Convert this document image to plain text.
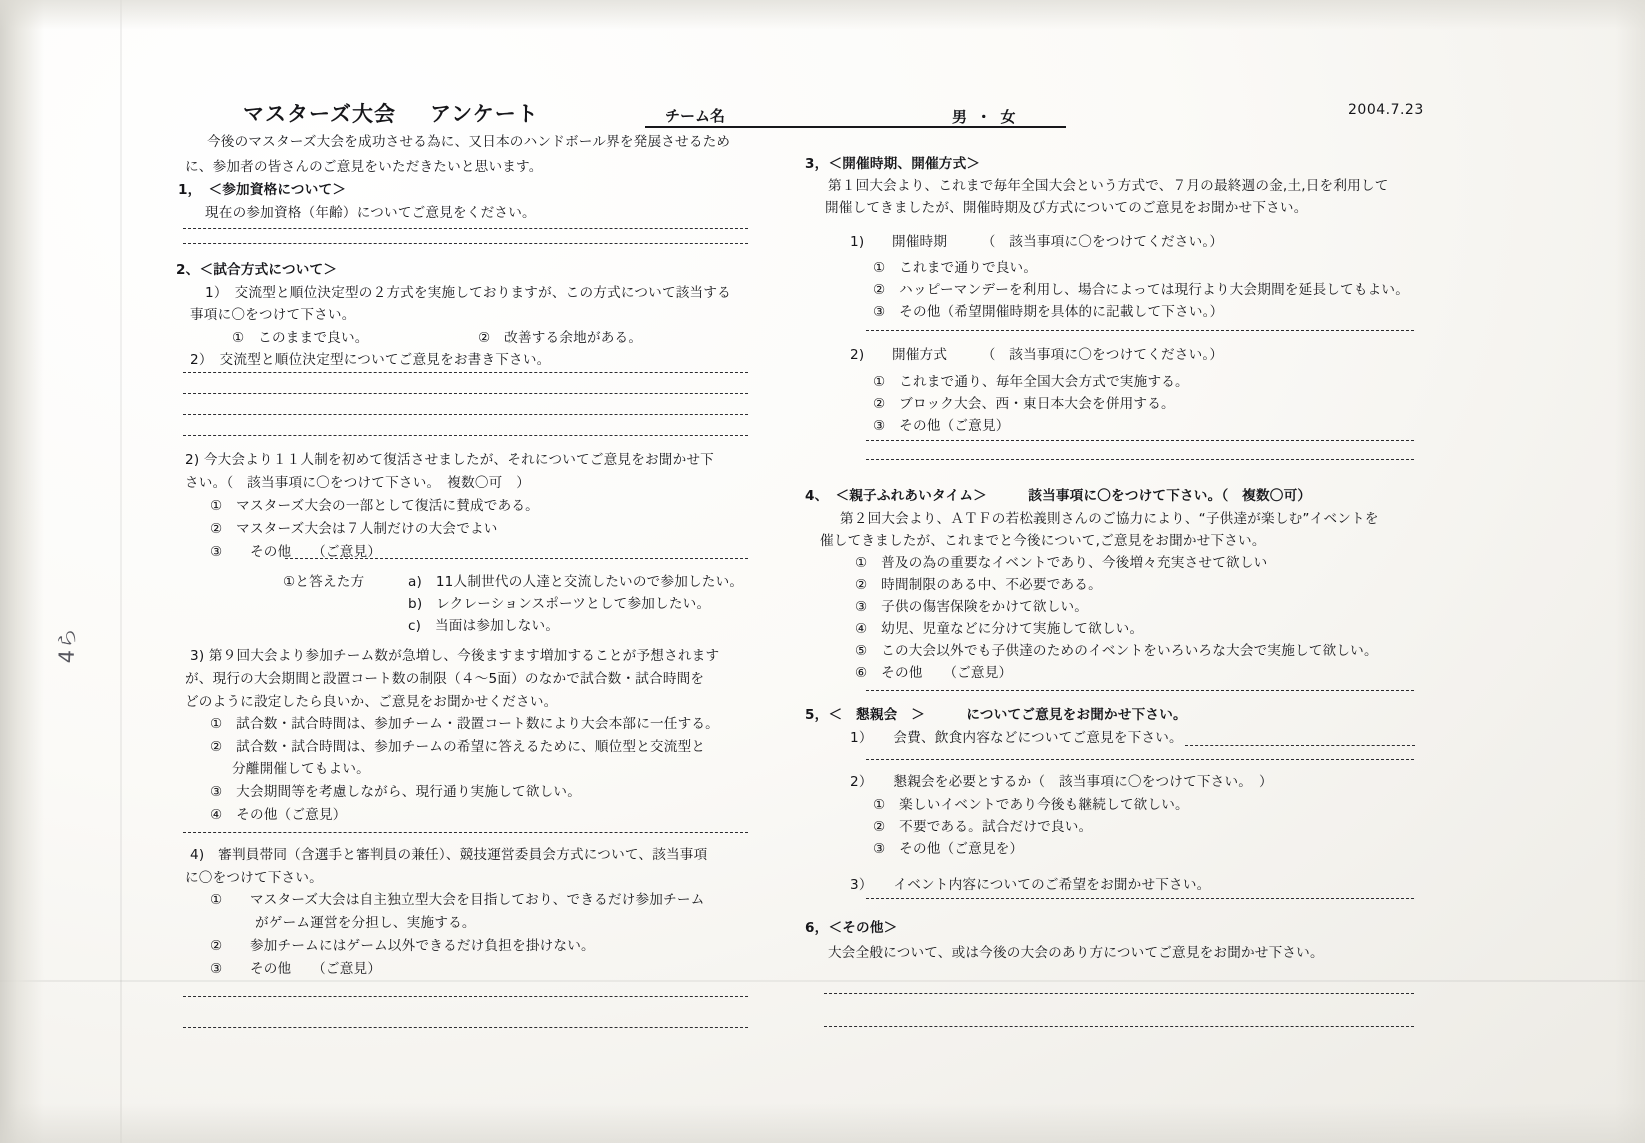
マスターズ大会 アンケート	チーム名	男 ・ 女	2004.7.23
4ら
今後のマスターズ大会を成功させる為に、又日本のハンドボール界を発展させるため
に、参加者の皆さんのご意見をいただきたいと思います。
1，　＜参加資格について＞
現在の参加資格（年齢）についてご意見をください。
2、＜試合方式について＞
1）　交流型と順位決定型の２方式を実施しておりますが、この方式について該当する
事項に〇をつけて下さい。
①　このままで良い。	②　改善する余地がある。
2）　交流型と順位決定型についてご意見をお書き下さい。
2) 今大会より１１人制を初めて復活させましたが、それについてご意見をお聞かせ下
さい。（　該当事項に〇をつけて下さい。　複数〇可　）
①　マスターズ大会の一部として復活に賛成である。
②　マスターズ大会は７人制だけの大会でよい
③　　その他　　（ご意見）
①と答えた方	a)　11人制世代の人達と交流したいので参加したい。
b)　レクレーションスポーツとして参加したい。
c)　当面は参加しない。
3) 第９回大会より参加チーム数が急増し、今後ますます増加することが予想されます
が、現行の大会期間と設置コート数の制限（４～5面）のなかで試合数・試合時間を
どのように設定したら良いか、ご意見をお聞かせください。
①　試合数・試合時間は、参加チーム・設置コート数により大会本部に一任する。
②　試合数・試合時間は、参加チームの希望に答えるために、順位型と交流型と
分離開催してもよい。
③　大会期間等を考慮しながら、現行通り実施して欲しい。
④　その他（ご意見）
4)　審判員帯同（含選手と審判員の兼任）、競技運営委員会方式について、該当事項
に〇をつけて下さい。
①　　マスターズ大会は自主独立型大会を目指しており、できるだけ参加チーム
がゲーム運営を分担し、実施する。
②　　参加チームにはゲーム以外できるだけ負担を掛けない。
③　　その他　　（ご意見）
3，＜開催時期、開催方式＞
第１回大会より、これまで毎年全国大会という方式で、７月の最終週の金,土,日を利用して
開催してきましたが、開催時期及び方式についてのご意見をお聞かせ下さい。
1)　　開催時期　　　（　該当事項に〇をつけてください。）
①　これまで通りで良い。
②　ハッピーマンデーを利用し、場合によっては現行より大会期間を延長してもよい。
③　その他（希望開催時期を具体的に記載して下さい。）
2)　　開催方式　　　（　該当事項に〇をつけてください。）
①　これまで通り、毎年全国大会方式で実施する。
②　ブロック大会、西・東日本大会を併用する。
③　その他（ご意見）
4、　＜親子ふれあいタイム＞　　　該当事項に〇をつけて下さい。（　複数〇可）
第２回大会より、ＡＴＦの若松義則さんのご協力により、“子供達が楽しむ”イベントを
催してきましたが、これまでと今後について,ご意見をお聞かせ下さい。
①　普及の為の重要なイベントであり、今後増々充実させて欲しい
②　時間制限のある中、不必要である。
③　子供の傷害保険をかけて欲しい。
④　幼児、児童などに分けて実施して欲しい。
⑤　この大会以外でも子供達のためのイベントをいろいろな大会で実施して欲しい。
⑥　その他　　（ご意見）
5，＜　懇親会　＞　　　についてご意見をお聞かせ下さい。
1）　　会費、飲食内容などについてご意見を下さい。
2）　　懇親会を必要とするか（　該当事項に〇をつけて下さい。　）
①　楽しいイベントであり今後も継続して欲しい。
②　不要である。試合だけで良い。
③　その他（ご意見を）
3）　　イベント内容についてのご希望をお聞かせ下さい。
6，＜その他＞
大会全般について、或は今後の大会のあり方についてご意見をお聞かせ下さい。
